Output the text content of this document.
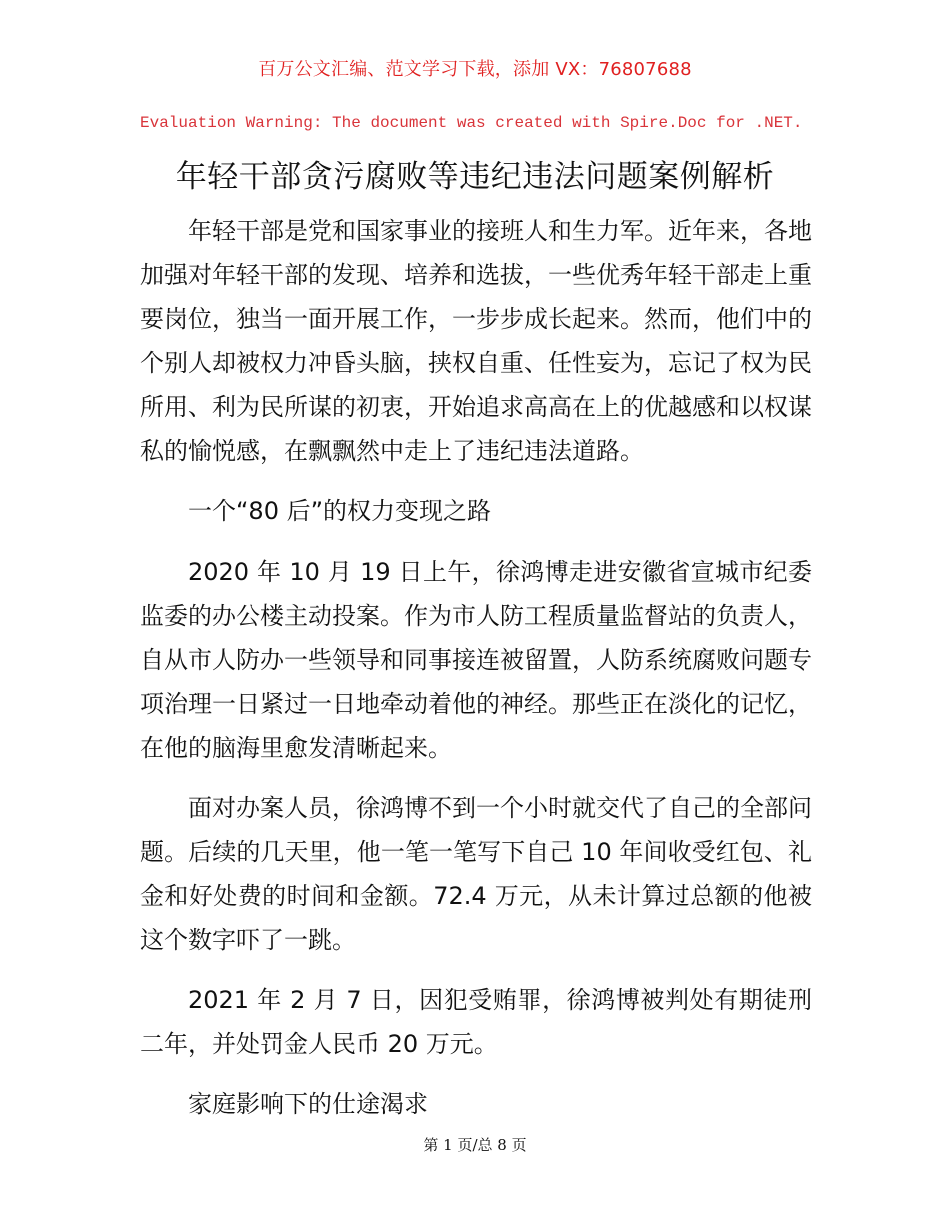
百万公文汇编、范文学习下载，添加 VX：76807688
Evaluation Warning: The document was created with Spire.Doc for .NET.
年轻干部贪污腐败等违纪违法问题案例解析

年轻干部是党和国家事业的接班人和生力军。近年来，各地加强对年轻干部的发现、培养和选拔，一些优秀年轻干部走上重要岗位，独当一面开展工作，一步步成长起来。然而，他们中的个别人却被权力冲昏头脑，挟权自重、任性妄为，忘记了权为民所用、利为民所谋的初衷，开始追求高高在上的优越感和以权谋私的愉悦感，在飘飘然中走上了违纪违法道路。

一个“80 后”的权力变现之路

2020 年 10 月 19 日上午，徐鸿博走进安徽省宣城市纪委监委的办公楼主动投案。作为市人防工程质量监督站的负责人，自从市人防办一些领导和同事接连被留置，人防系统腐败问题专项治理一日紧过一日地牵动着他的神经。那些正在淡化的记忆，在他的脑海里愈发清晰起来。

面对办案人员，徐鸿博不到一个小时就交代了自己的全部问题。后续的几天里，他一笔一笔写下自己 10 年间收受红包、礼金和好处费的时间和金额。72.4 万元，从未计算过总额的他被这个数字吓了一跳。

2021 年 2 月 7 日，因犯受贿罪，徐鸿博被判处有期徒刑二年，并处罚金人民币 20 万元。

家庭影响下的仕途渴求

第 1 页/总 8 页
